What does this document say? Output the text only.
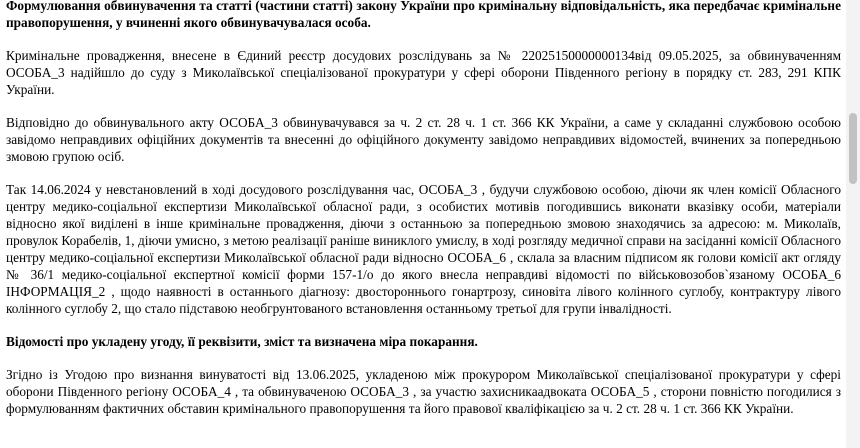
Формулювання обвинувачення та статті (частини статті) закону України про кримінальну відповідальність, яка передбачає кримінальне правопорушення, у вчиненні якого обвинувачувалася особа.

Кримінальне провадження, внесене в Єдиний реєстр досудових розслідувань за № 22025150000000134від 09.05.2025, за обвинуваченням ОСОБА_3 надійшло до суду з Миколаївської спеціалізованої прокуратури у сфері оборони Південного регіону в порядку ст. 283, 291 КПК України.

Відповідно до обвинувального акту ОСОБА_3 обвинувачувався за ч. 2 ст. 28 ч. 1 ст. 366 КК України, а саме у складанні службовою особою завідомо неправдивих офіційних документів та внесенні до офіційного документу завідомо неправдивих відомостей, вчинених за попередньою змовою групою осіб.

Так 14.06.2024 у невстановлений в ході досудового розслідування час, ОСОБА_3 , будучи службовою особою, діючи як член комісії Обласного центру медико-соціальної експертизи Миколаївської обласної ради, з особистих мотивів погодившись виконати вказівку особи, матеріали відносно якої виділені в інше кримінальне провадження, діючи з останньою за попередньою змовою знаходячись за адресою: м. Миколаїв, провулок Корабелів, 1, діючи умисно, з метою реалізації раніше виниклого умислу, в ході розгляду медичної справи на засіданні комісії Обласного центру медико-соціальної експертизи Миколаївської обласної ради відносно ОСОБА_6 , склала за власним підписом як голови комісії акт огляду № 36/1 медико-соціальної експертної комісії форми 157-1/о до якого внесла неправдиві відомості по військовозобов`язаному ОСОБА_6 ІНФОРМАЦІЯ_2 , щодо наявності в останнього діагнозу: двостороннього гонартрозу, синовіта лівого колінного суглобу, контрактуру лівого колінного суглобу 2, що стало підставою необгрунтованого встановлення останньому третьої для групи інвалідності.

Відомості про укладену угоду, її реквізити, зміст та визначена міра покарання.

Згідно із Угодою про визнання винуватості від 13.06.2025, укладеною між прокурором Миколаївської спеціалізованої прокуратури у сфері оборони Південного регіону ОСОБА_4 , та обвинуваченою ОСОБА_3 , за участю захисникаадвоката ОСОБА_5 , сторони повністю погодилися з формулюванням фактичних обставин кримінального правопорушення та його правової кваліфікацією за ч. 2 ст. 28 ч. 1 ст. 366 КК України.
